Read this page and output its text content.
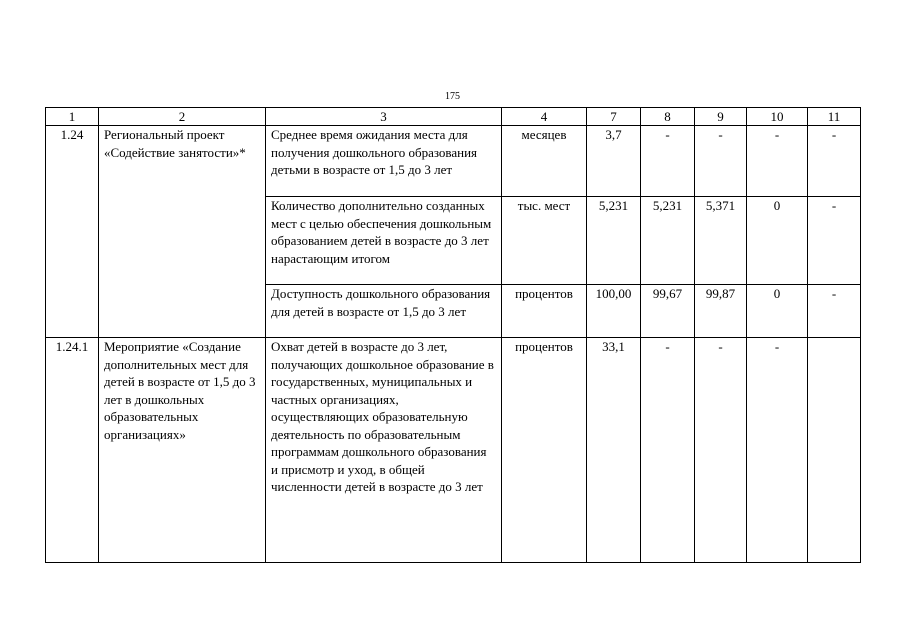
175
1	2	3	4	7	8	9	10	11
1.24	Региональный проект «Содействие занятости»*	Среднее время ожидания места для получения дошкольного образования детьми в возрасте от 1,5 до 3 лет	месяцев	3,7	-	-	-	-
		Количество дополнительно созданных мест с целью обеспечения дошкольным образованием детей в возрасте до 3 лет нарастающим итогом	тыс. мест	5,231	5,231	5,371	0	-
		Доступность дошкольного образования для детей в возрасте от 1,5 до 3 лет	процентов	100,00	99,67	99,87	0	-
1.24.1	Мероприятие «Создание дополнительных мест для детей в возрасте от 1,5 до 3 лет в дошкольных образовательных организациях»	Охват детей в возрасте до 3 лет, получающих дошкольное образование в государственных, муниципальных и частных организациях, осуществляющих образовательную деятельность по образовательным программам дошкольного образования и присмотр и уход, в общей численности детей в возрасте до 3 лет	процентов	33,1	-	-	-	
